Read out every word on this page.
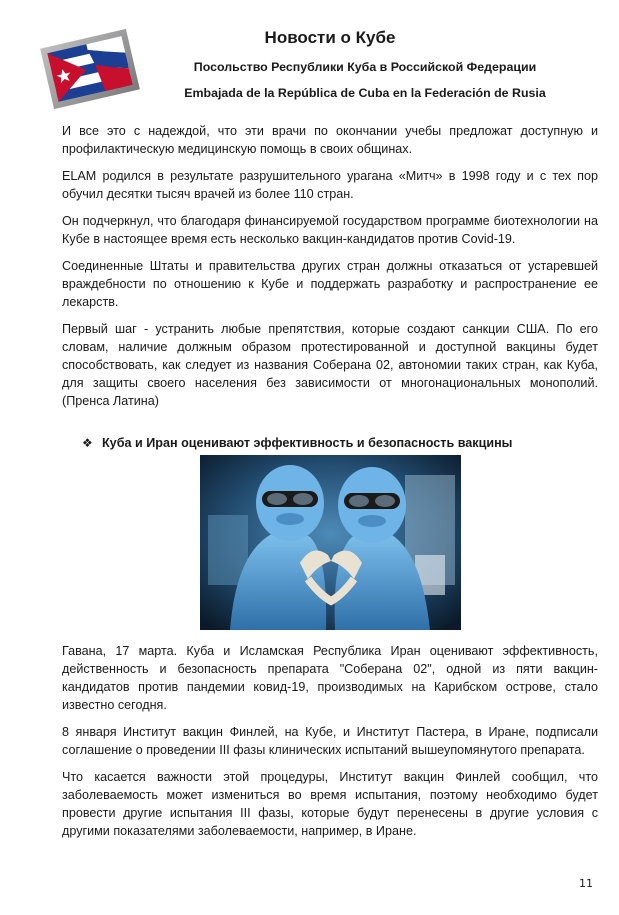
Новости о Кубе
Посольство Республики Куба в Российской Федерации
Embajada de la República de Cuba en la Federación de Rusia

И все это с надеждой, что эти врачи по окончании учебы предложат доступную и профилактическую медицинскую помощь в своих общинах.

ELAM родился в результате разрушительного урагана «Митч» в 1998 году и с тех пор обучил десятки тысяч врачей из более 110 стран.

Он подчеркнул, что благодаря финансируемой государством программе биотехнологии на Кубе в настоящее время есть несколько вакцин-кандидатов против Covid-19.

Соединенные Штаты и правительства других стран должны отказаться от устаревшей враждебности по отношению к Кубе и поддержать разработку и распространение ее лекарств.

Первый шаг - устранить любые препятствия, которые создают санкции США. По его словам, наличие должным образом протестированной и доступной вакцины будет способствовать, как следует из названия Соберана 02, автономии таких стран, как Куба, для защиты своего населения без зависимости от многонациональных монополий. (Пренса Латина)

❖ Куба и Иран оценивают эффективность и безопасность вакцины

Гавана, 17 марта. Куба и Исламская Республика Иран оценивают эффективность, действенность и безопасность препарата "Соберана 02", одной из пяти вакцин-кандидатов против пандемии ковид-19, производимых на Карибском острове, стало известно сегодня.

8 января Институт вакцин Финлей, на Кубе, и Институт Пастера, в Иране, подписали соглашение о проведении III фазы клинических испытаний вышеупомянутого препарата.

Что касается важности этой процедуры, Институт вакцин Финлей сообщил, что заболеваемость может измениться во время испытания, поэтому необходимо будет провести другие испытания III фазы, которые будут перенесены в другие условия с другими показателями заболеваемости, например, в Иране.

11
